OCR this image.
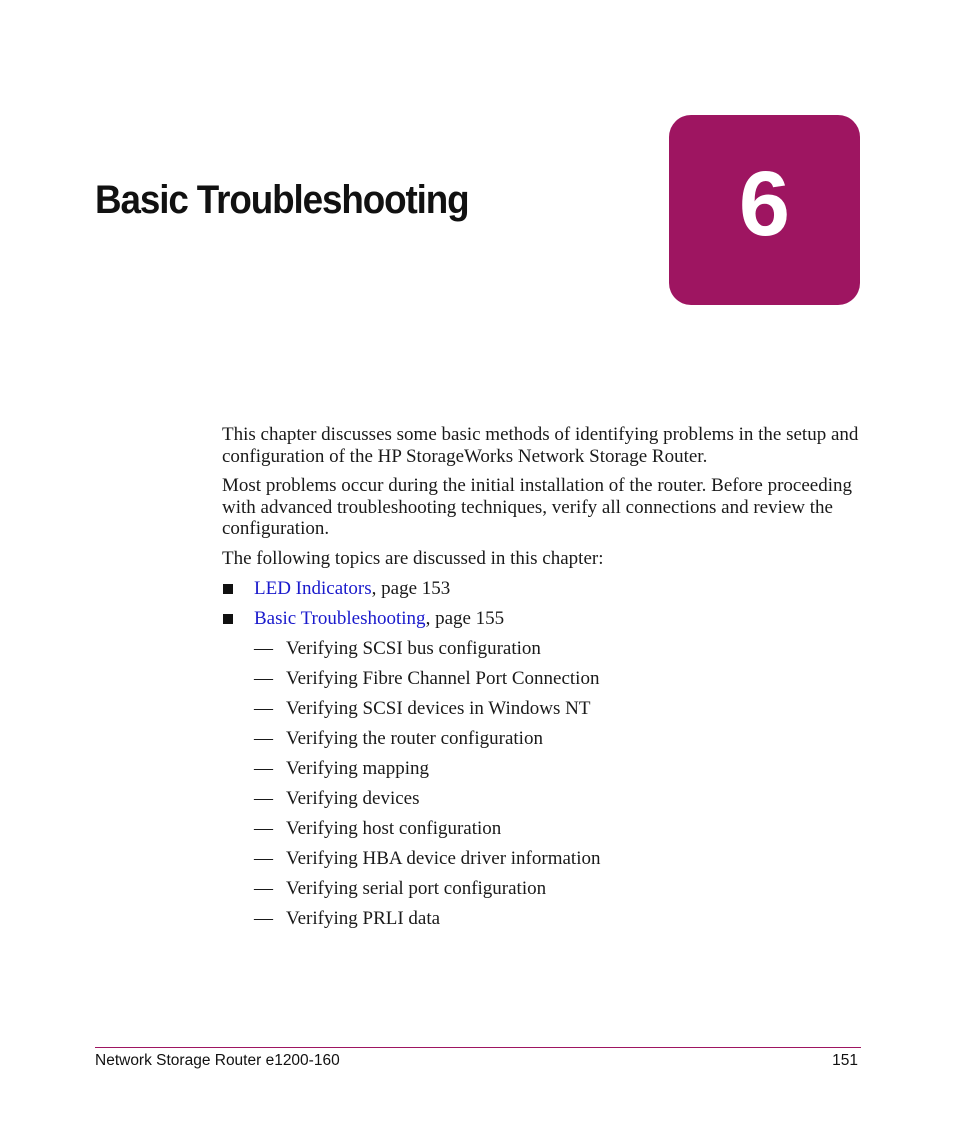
Basic Troubleshooting	6

This chapter discusses some basic methods of identifying problems in the setup and configuration of the HP StorageWorks Network Storage Router.

Most problems occur during the initial installation of the router. Before proceeding with advanced troubleshooting techniques, verify all connections and review the configuration.

The following topics are discussed in this chapter:

LED Indicators, page 153
Basic Troubleshooting, page 155
— Verifying SCSI bus configuration
— Verifying Fibre Channel Port Connection
— Verifying SCSI devices in Windows NT
— Verifying the router configuration
— Verifying mapping
— Verifying devices
— Verifying host configuration
— Verifying HBA device driver information
— Verifying serial port configuration
— Verifying PRLI data
Network Storage Router e1200-160	151
